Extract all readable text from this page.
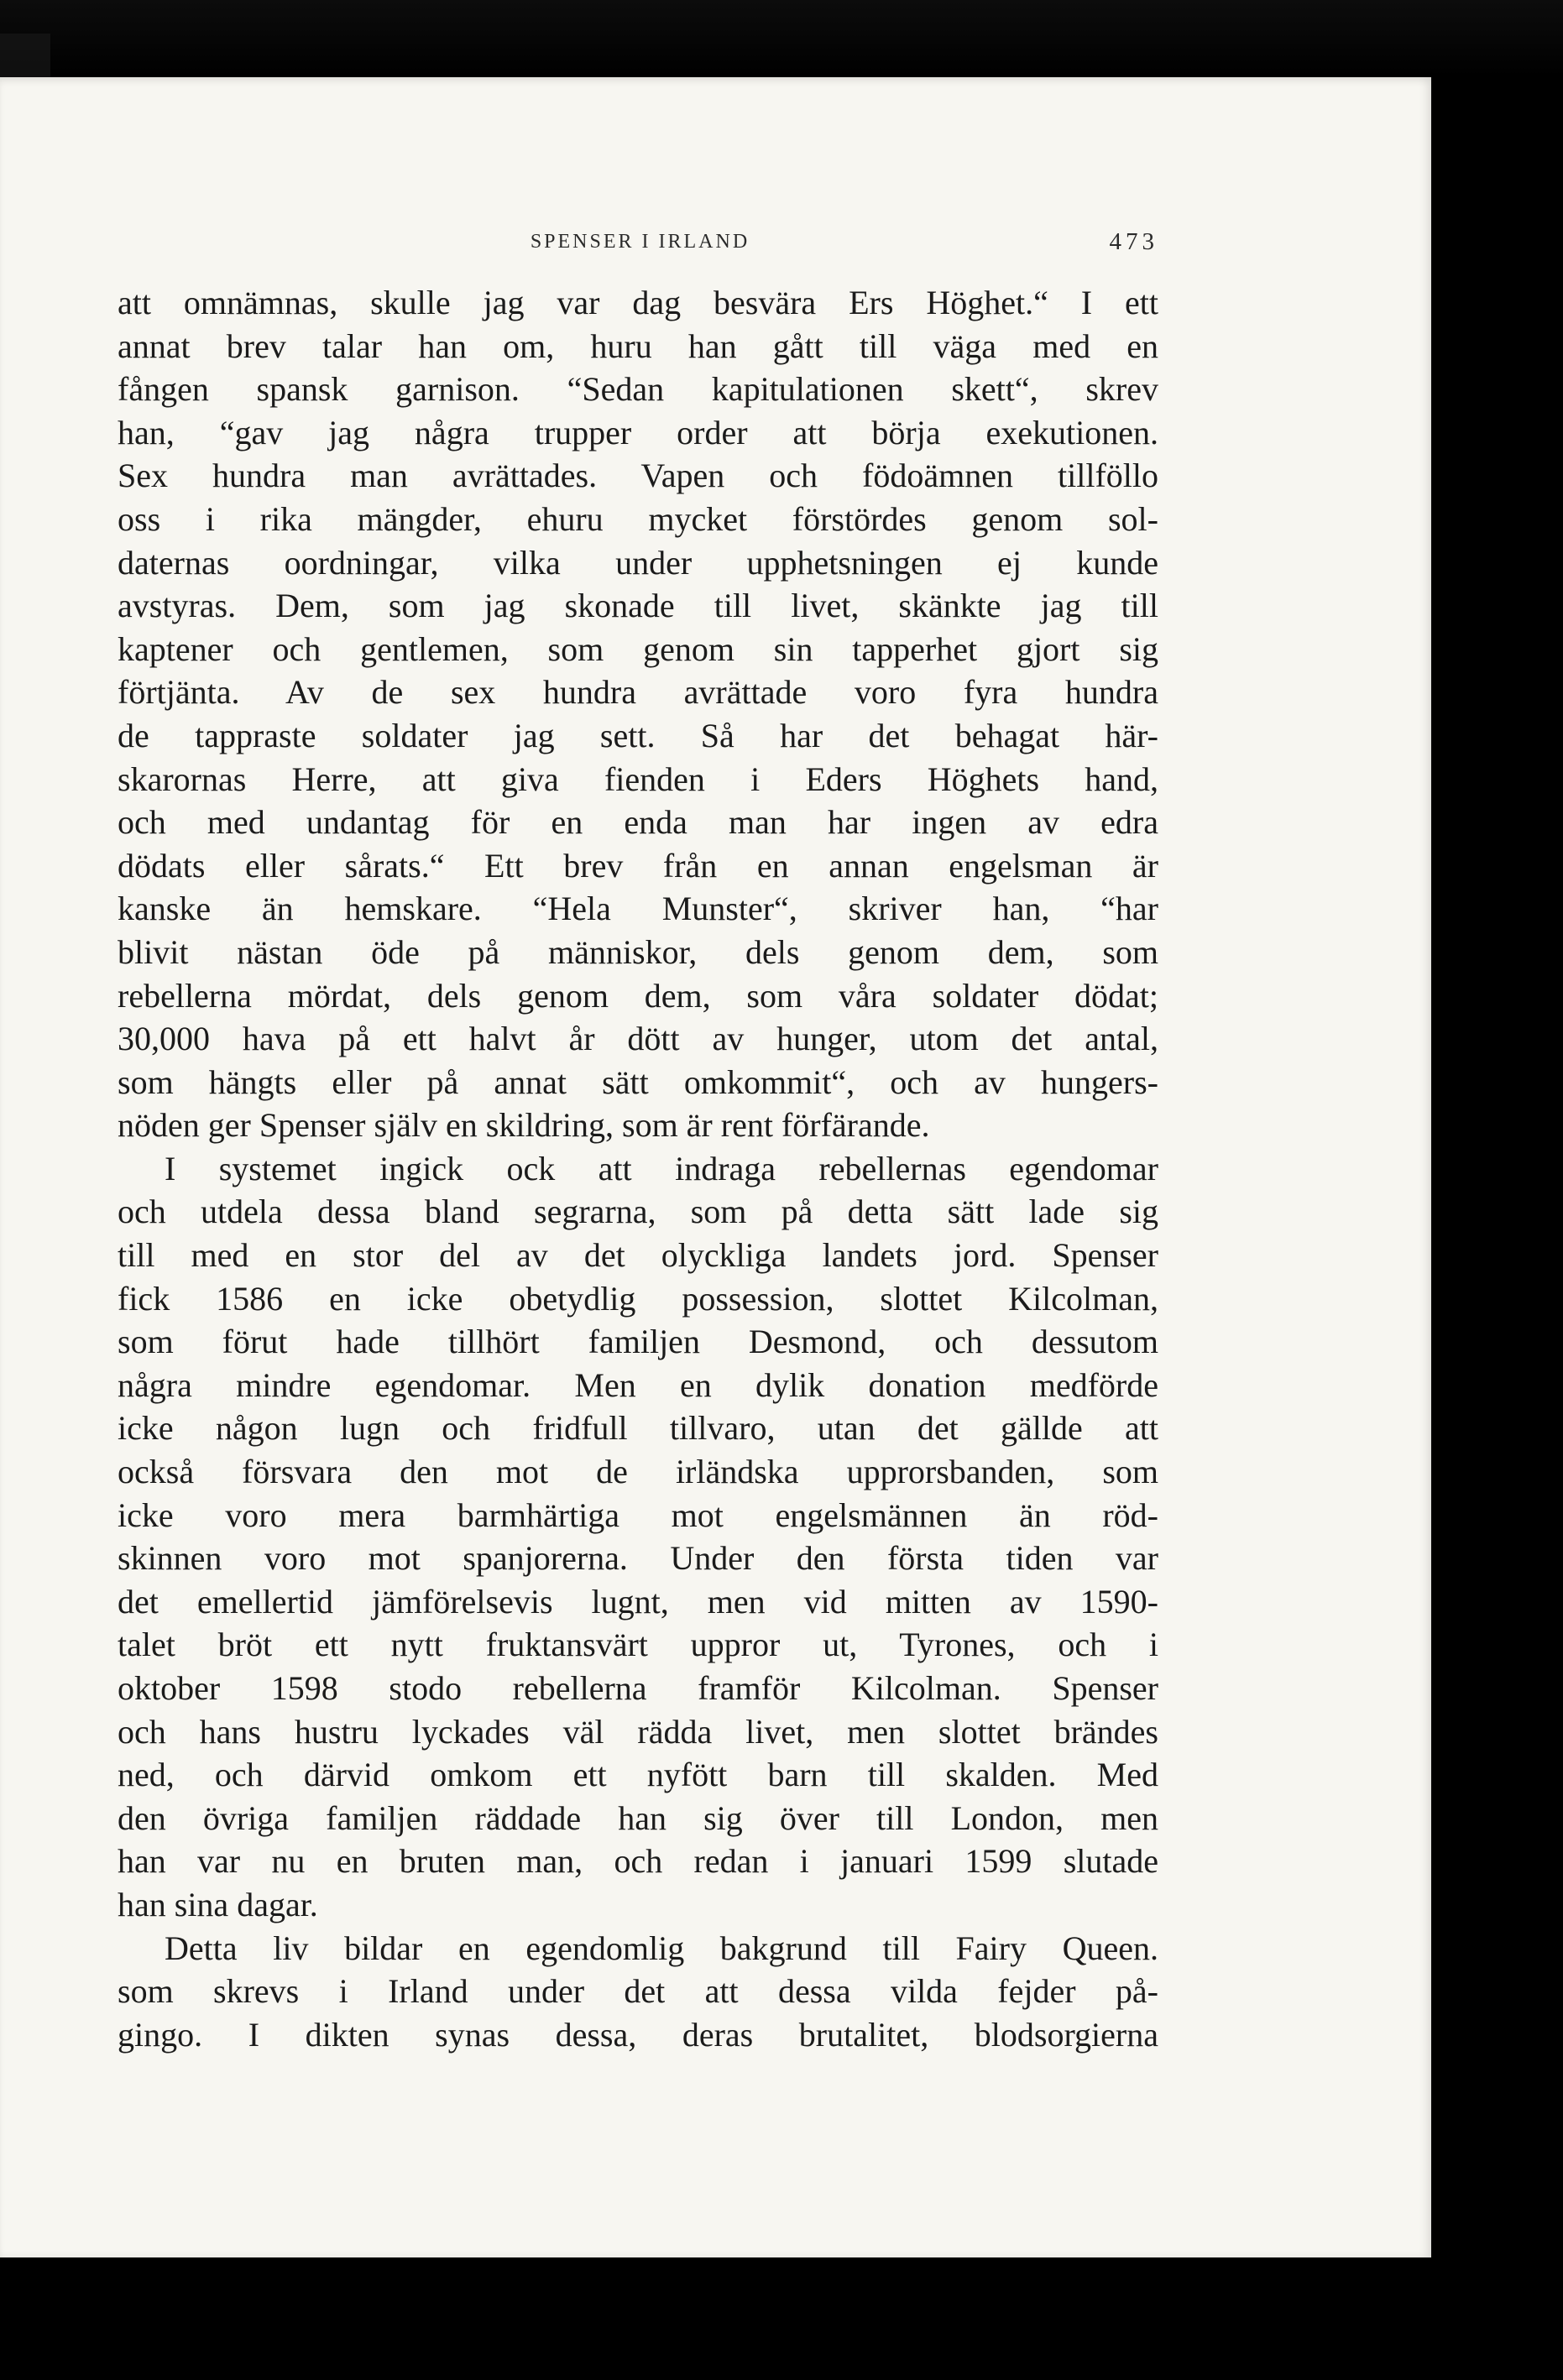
SPENSER I IRLAND	473
att omnämnas, skulle jag var dag besvära Ers Höghet.“ I ett
annat brev talar han om, huru han gått till väga med en
fången spansk garnison. “Sedan kapitulationen skett“, skrev
han, “gav jag några trupper order att börja exekutionen.
Sex hundra man avrättades. Vapen och födoämnen tillföllo
oss i rika mängder, ehuru mycket förstördes genom sol-
daternas oordningar, vilka under upphetsningen ej kunde
avstyras. Dem, som jag skonade till livet, skänkte jag till
kaptener och gentlemen, som genom sin tapperhet gjort sig
förtjänta. Av de sex hundra avrättade voro fyra hundra
de tappraste soldater jag sett. Så har det behagat här-
skarornas Herre, att giva fienden i Eders Höghets hand,
och med undantag för en enda man har ingen av edra
dödats eller sårats.“ Ett brev från en annan engelsman är
kanske än hemskare. “Hela Munster“, skriver han, “har
blivit nästan öde på människor, dels genom dem, som
rebellerna mördat, dels genom dem, som våra soldater dödat;
30,000 hava på ett halvt år dött av hunger, utom det antal,
som hängts eller på annat sätt omkommit“, och av hungers-
nöden ger Spenser själv en skildring, som är rent förfärande.
I systemet ingick ock att indraga rebellernas egendomar
och utdela dessa bland segrarna, som på detta sätt lade sig
till med en stor del av det olyckliga landets jord. Spenser
fick 1586 en icke obetydlig possession, slottet Kilcolman,
som förut hade tillhört familjen Desmond, och dessutom
några mindre egendomar. Men en dylik donation medförde
icke någon lugn och fridfull tillvaro, utan det gällde att
också försvara den mot de irländska upprorsbanden, som
icke voro mera barmhärtiga mot engelsmännen än röd-
skinnen voro mot spanjorerna. Under den första tiden var
det emellertid jämförelsevis lugnt, men vid mitten av 1590-
talet bröt ett nytt fruktansvärt uppror ut, Tyrones, och i
oktober 1598 stodo rebellerna framför Kilcolman. Spenser
och hans hustru lyckades väl rädda livet, men slottet brändes
ned, och därvid omkom ett nyfött barn till skalden. Med
den övriga familjen räddade han sig över till London, men
han var nu en bruten man, och redan i januari 1599 slutade
han sina dagar.
Detta liv bildar en egendomlig bakgrund till Fairy Queen.
som skrevs i Irland under det att dessa vilda fejder på-
gingo. I dikten synas dessa, deras brutalitet, blodsorgierna
